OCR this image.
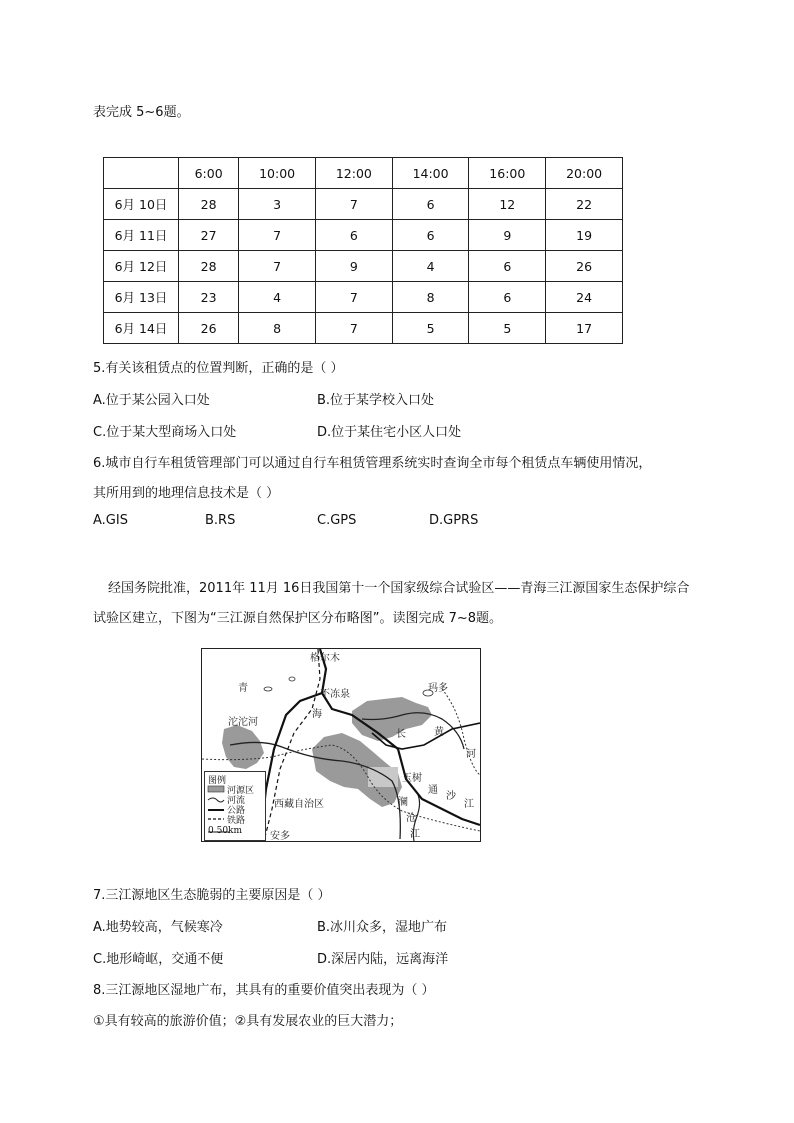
表完成 5~6题。
	6:00	10:00	12:00	14:00	16:00	20:00
6月 10日	28	3	7	6	12	22
6月 11日	27	7	6	6	9	19
6月 12日	28	7	9	4	6	26
6月 13日	23	4	7	8	6	24
6月 14日	26	8	7	5	5	17
5.有关该租赁点的位置判断，正确的是（ ）
A.位于某公园入口处	B.位于某学校入口处
C.位于某大型商场入口处	D.位于某住宅小区人口处
6.城市自行车租赁管理部门可以通过自行车租赁管理系统实时查询全市每个租赁点车辆使用情况，
其所用到的地理信息技术是（ ）
A.GIS	B.RS	C.GPS	D.GPRS
经国务院批准，2011年 11月 16日我国第十一个国家级综合试验区——青海三江源国家生态保护综合
试验区建立，下图为“三江源自然保护区分布略图”。读图完成 7~8题。
格尔木
青
不冻泉
海
沱沱河
玛多
长	黄
河
玉树
通
沙
江
西藏自治区	澜
沧
江
安多
图例
河源区
河流
公路
铁路
0 50km
7.三江源地区生态脆弱的主要原因是（ ）
A.地势较高，气候寒冷	B.冰川众多，湿地广布
C.地形崎岖，交通不便	D.深居内陆，远离海洋
8.三江源地区湿地广布，其具有的重要价值突出表现为（ ）
①具有较高的旅游价值；②具有发展农业的巨大潜力；
